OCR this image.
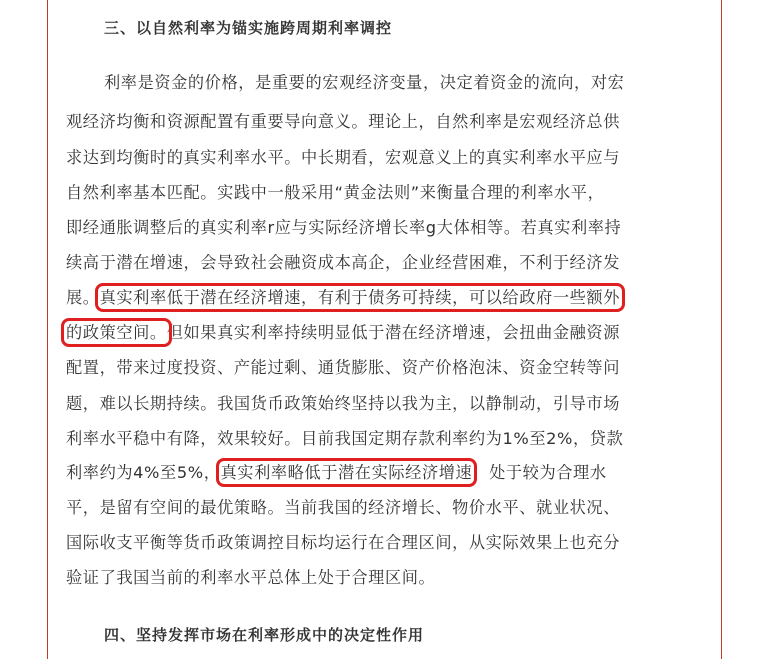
三、以自然利率为锚实施跨周期利率调控
利率是资金的价格，是重要的宏观经济变量，决定着资金的流向，对宏
观经济均衡和资源配置有重要导向意义。理论上，自然利率是宏观经济总供
求达到均衡时的真实利率水平。中长期看，宏观意义上的真实利率水平应与
自然利率基本匹配。实践中一般采用“黄金法则”来衡量合理的利率水平，
即经通胀调整后的真实利率r应与实际经济增长率g大体相等。若真实利率持
续高于潜在增速，会导致社会融资成本高企，企业经营困难，不利于经济发
展。真实利率低于潜在经济增速，有利于债务可持续，可以给政府一些额外
的政策空间。但如果真实利率持续明显低于潜在经济增速，会扭曲金融资源
配置，带来过度投资、产能过剩、通货膨胀、资产价格泡沫、资金空转等问
题，难以长期持续。我国货币政策始终坚持以我为主，以静制动，引导市场
利率水平稳中有降，效果较好。目前我国定期存款利率约为1%至2%，贷款
利率约为4%至5%，真实利率略低于潜在实际经济增速，处于较为合理水
平，是留有空间的最优策略。当前我国的经济增长、物价水平、就业状况、
国际收支平衡等货币政策调控目标均运行在合理区间，从实际效果上也充分
验证了我国当前的利率水平总体上处于合理区间。
四、坚持发挥市场在利率形成中的决定性作用
